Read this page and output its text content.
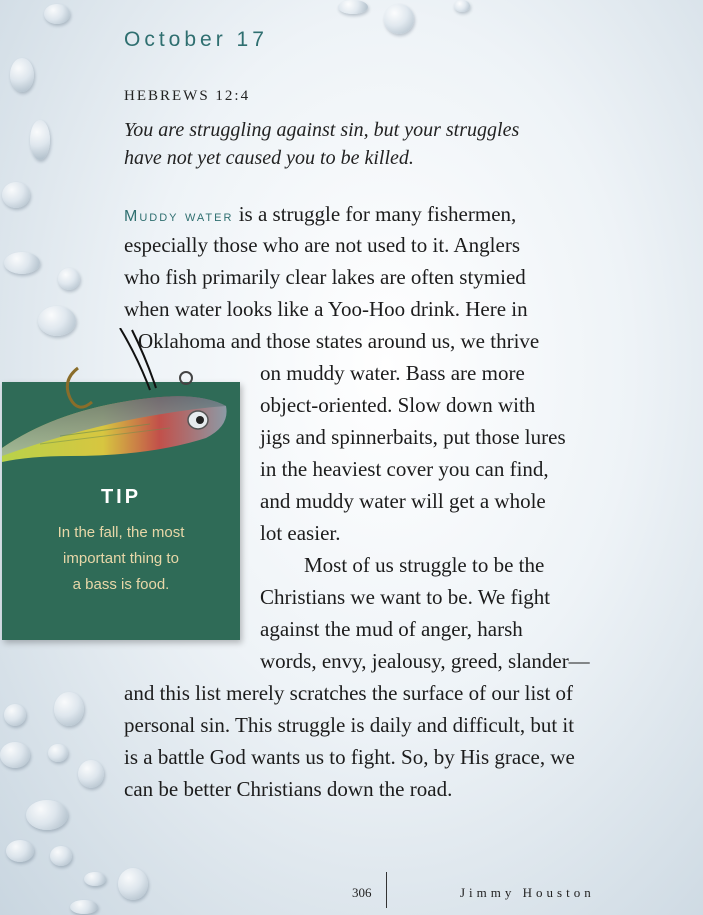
October 17
HEBREWS 12:4
You are struggling against sin, but your struggles
have not yet caused you to be killed.
TIP
In the fall, the most
important thing to
a bass is food.
Muddy water is a struggle for many fishermen,
especially those who are not used to it. Anglers
who fish primarily clear lakes are often stymied
when water looks like a Yoo-Hoo drink. Here in
Oklahoma and those states around us, we thrive
on muddy water. Bass are more
object-oriented. Slow down with
jigs and spinnerbaits, put those lures
in the heaviest cover you can find,
and muddy water will get a whole
lot easier.
Most of us struggle to be the
Christians we want to be. We fight
against the mud of anger, harsh
words, envy, jealousy, greed, slander—
and this list merely scratches the surface of our list of
personal sin. This struggle is daily and difficult, but it
is a battle God wants us to fight. So, by His grace, we
can be better Christians down the road.
306	Jimmy Houston
